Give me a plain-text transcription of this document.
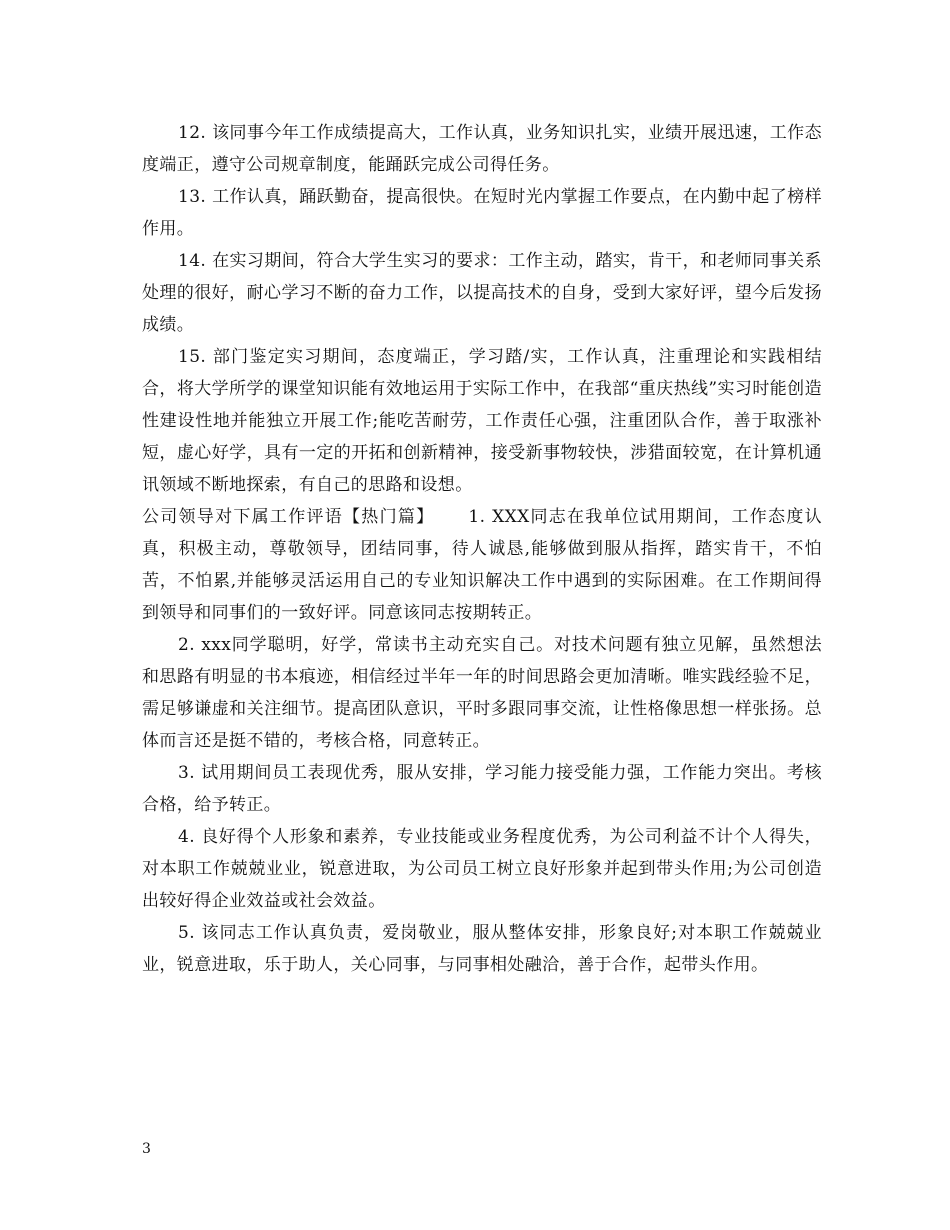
12. 该同事今年工作成绩提高大，工作认真，业务知识扎实，业绩开展迅速，工作态度端正，遵守公司规章制度，能踊跃完成公司得任务。

13. 工作认真，踊跃勤奋，提高很快。在短时光内掌握工作要点，在内勤中起了榜样作用。

14. 在实习期间，符合大学生实习的要求：工作主动，踏实，肯干，和老师同事关系处理的很好，耐心学习不断的奋力工作，以提高技术的自身，受到大家好评，望今后发扬成绩。

15. 部门鉴定实习期间，态度端正，学习踏/实，工作认真，注重理论和实践相结合，将大学所学的课堂知识能有效地运用于实际工作中，在我部“重庆热线”实习时能创造性建设性地并能独立开展工作;能吃苦耐劳，工作责任心强，注重团队合作，善于取涨补短，虚心好学，具有一定的开拓和创新精神，接受新事物较快，涉猎面较宽，在计算机通讯领域不断地探索，有自己的思路和设想。

公司领导对下属工作评语【热门篇】 1. XXX同志在我单位试用期间，工作态度认真，积极主动，尊敬领导，团结同事，待人诚恳,能够做到服从指挥，踏实肯干，不怕苦，不怕累,并能够灵活运用自己的专业知识解决工作中遇到的实际困难。在工作期间得到领导和同事们的一致好评。同意该同志按期转正。

2. xxx同学聪明，好学，常读书主动充实自己。对技术问题有独立见解，虽然想法和思路有明显的书本痕迹，相信经过半年一年的时间思路会更加清晰。唯实践经验不足，需足够谦虚和关注细节。提高团队意识，平时多跟同事交流，让性格像思想一样张扬。总体而言还是挺不错的，考核合格，同意转正。

3. 试用期间员工表现优秀，服从安排，学习能力接受能力强，工作能力突出。考核合格，给予转正。

4. 良好得个人形象和素养，专业技能或业务程度优秀，为公司利益不计个人得失，对本职工作兢兢业业，锐意进取，为公司员工树立良好形象并起到带头作用;为公司创造出较好得企业效益或社会效益。

5. 该同志工作认真负责，爱岗敬业，服从整体安排，形象良好;对本职工作兢兢业业，锐意进取，乐于助人，关心同事，与同事相处融洽，善于合作，起带头作用。

3
